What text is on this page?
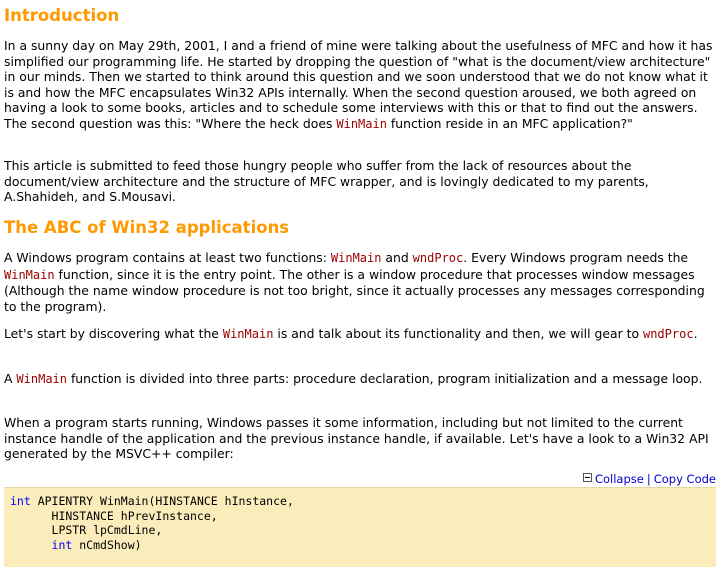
Introduction

In a sunny day on May 29th, 2001, I and a friend of mine were talking about the usefulness of MFC and how it has simplified our programming life. He started by dropping the question of "what is the document/view architecture" in our minds. Then we started to think around this question and we soon understood that we do not know what it is and how the MFC encapsulates Win32 APIs internally. When the second question aroused, we both agreed on having a look to some books, articles and to schedule some interviews with this or that to find out the answers. The second question was this: "Where the heck does WinMain function reside in an MFC application?"

This article is submitted to feed those hungry people who suffer from the lack of resources about the document/view architecture and the structure of MFC wrapper, and is lovingly dedicated to my parents, A.Shahideh, and S.Mousavi.

The ABC of Win32 applications

A Windows program contains at least two functions: WinMain and wndProc. Every Windows program needs the WinMain function, since it is the entry point. The other is a window procedure that processes window messages (Although the name window procedure is not too bright, since it actually processes any messages corresponding to the program).

Let's start by discovering what the WinMain is and talk about its functionality and then, we will gear to wndProc.

A WinMain function is divided into three parts: procedure declaration, program initialization and a message loop.

When a program starts running, Windows passes it some information, including but not limited to the current instance handle of the application and the previous instance handle, if available. Let's have a look to a Win32 API generated by the MSVC++ compiler:

Collapse | Copy Code
int APIENTRY WinMain(HINSTANCE hInstance,
HINSTANCE hPrevInstance,
LPSTR lpCmdLine,
int nCmdShow)
